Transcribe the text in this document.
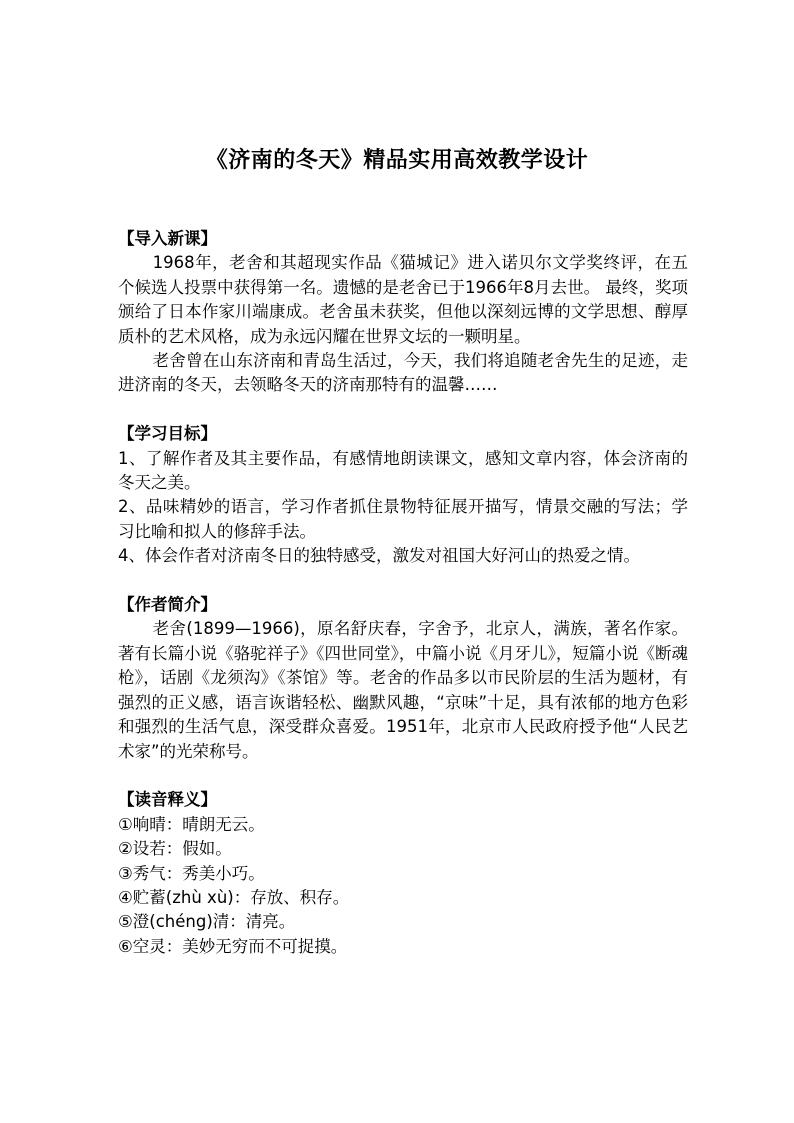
《济南的冬天》精品实用高效教学设计

【导入新课】

1968年，老舍和其超现实作品《猫城记》进入诺贝尔文学奖终评，在五个候选人投票中获得第一名。遗憾的是老舍已于1966年8月去世。 最终，奖项颁给了日本作家川端康成。老舍虽未获奖，但他以深刻远博的文学思想、醇厚质朴的艺术风格，成为永远闪耀在世界文坛的一颗明星。

老舍曾在山东济南和青岛生活过，今天，我们将追随老舍先生的足迹，走进济南的冬天，去领略冬天的济南那特有的温馨……

【学习目标】

1、了解作者及其主要作品，有感情地朗读课文，感知文章内容，体会济南的冬天之美。

2、品味精妙的语言，学习作者抓住景物特征展开描写，情景交融的写法；学习比喻和拟人的修辞手法。

4、体会作者对济南冬日的独特感受，激发对祖国大好河山的热爱之情。

【作者简介】

老舍(1899—1966)，原名舒庆春，字舍予，北京人，满族，著名作家。著有长篇小说《骆驼祥子》《四世同堂》，中篇小说《月牙儿》，短篇小说《断魂枪》，话剧《龙须沟》《茶馆》等。老舍的作品多以市民阶层的生活为题材，有强烈的正义感，语言诙谐轻松、幽默风趣，“京味”十足，具有浓郁的地方色彩和强烈的生活气息，深受群众喜爱。1951年，北京市人民政府授予他“人民艺术家”的光荣称号。

【读音释义】

①响晴：晴朗无云。

②设若：假如。

③秀气：秀美小巧。

④贮蓄(zhù xù)：存放、积存。

⑤澄(chéng)清：清亮。

⑥空灵：美妙无穷而不可捉摸。
